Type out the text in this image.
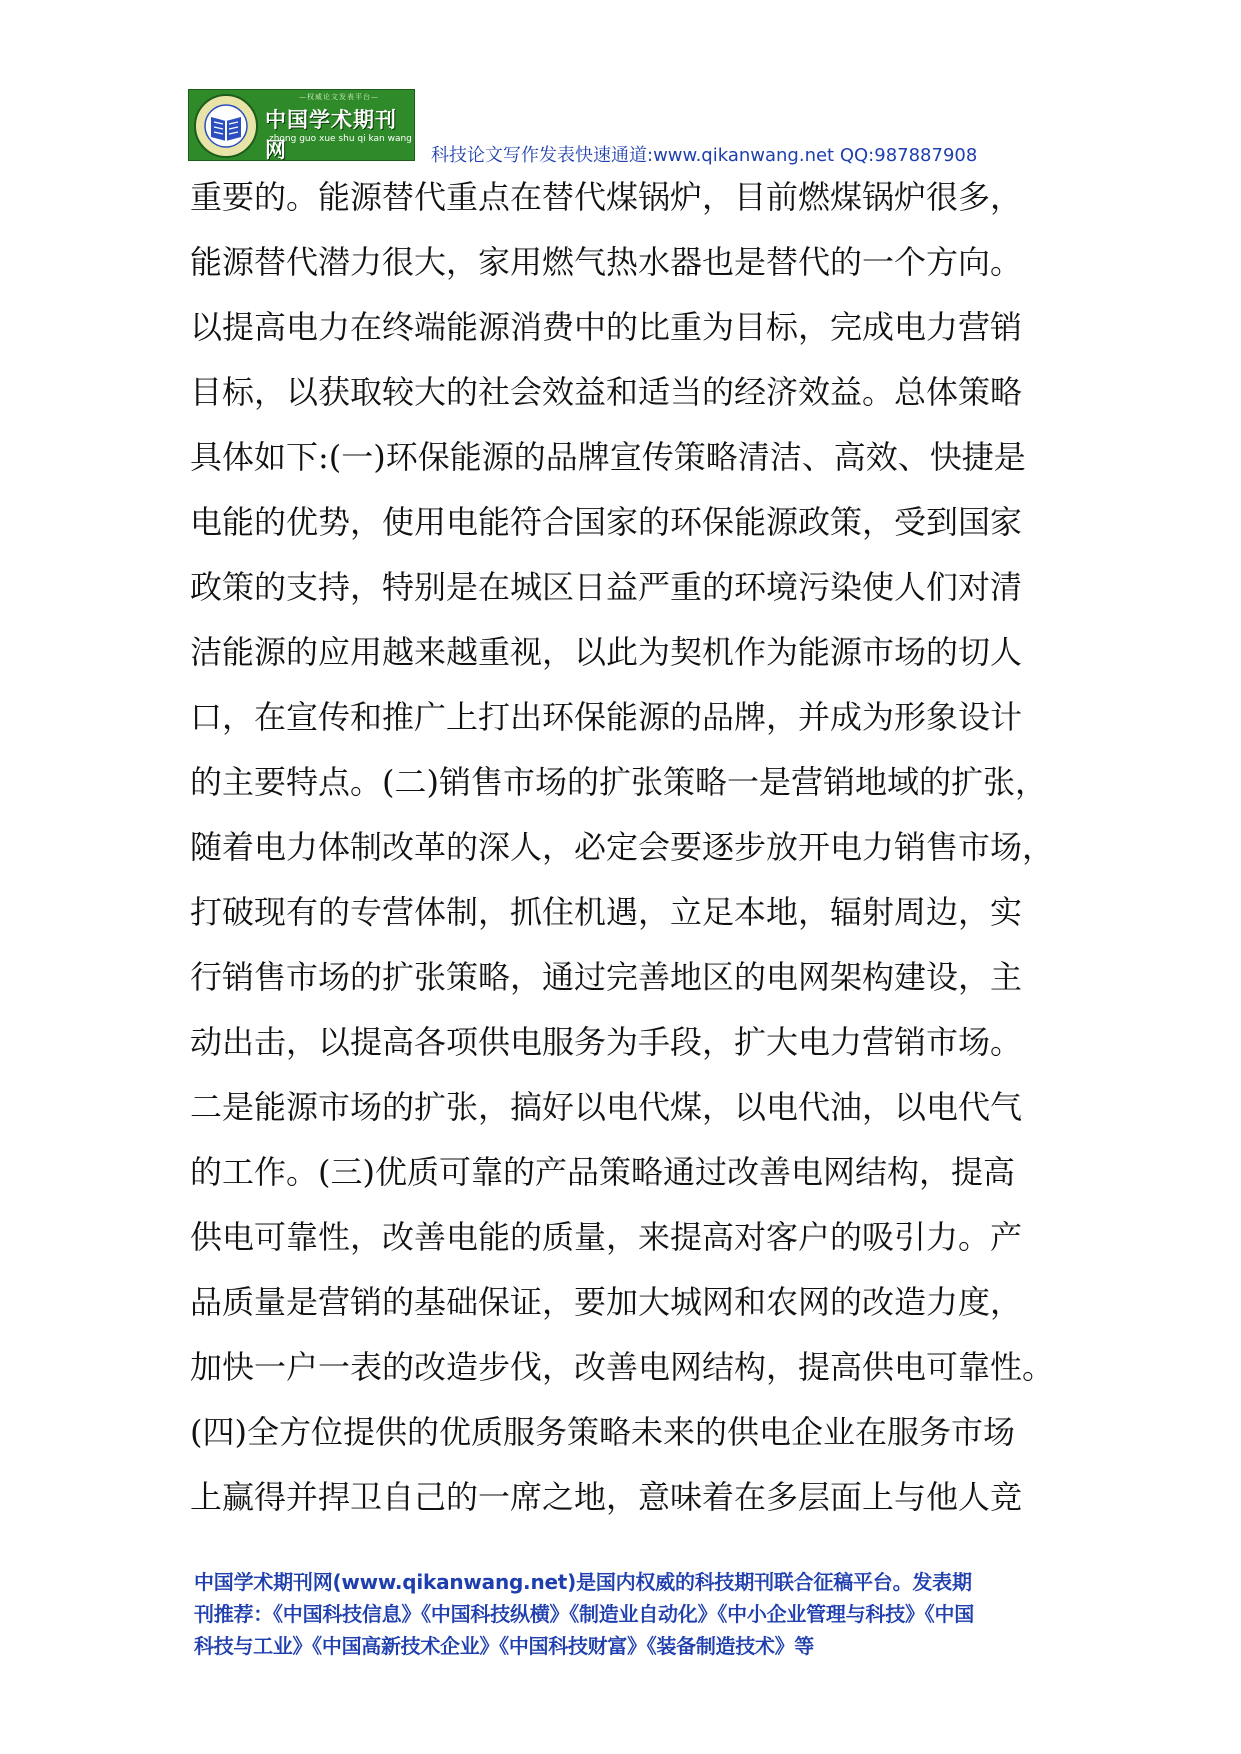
—权威论文发表平台—
中国学术期刊网
zhong guo xue shu qi kan wang
科技论文写作发表快速通道:www.qikanwang.net QQ:987887908
重要的。能源替代重点在替代煤锅炉，目前燃煤锅炉很多，
能源替代潜力很大，家用燃气热水器也是替代的一个方向。
以提高电力在终端能源消费中的比重为目标，完成电力营销
目标，以获取较大的社会效益和适当的经济效益。总体策略
具体如下:(一)环保能源的品牌宣传策略清洁、高效、快捷是
电能的优势，使用电能符合国家的环保能源政策，受到国家
政策的支持，特别是在城区日益严重的环境污染使人们对清
洁能源的应用越来越重视，以此为契机作为能源市场的切人
口，在宣传和推广上打出环保能源的品牌，并成为形象设计
的主要特点。(二)销售市场的扩张策略一是营销地域的扩张，
随着电力体制改革的深人，必定会要逐步放开电力销售市场，
打破现有的专营体制，抓住机遇，立足本地，辐射周边，实
行销售市场的扩张策略，通过完善地区的电网架构建设，主
动出击，以提高各项供电服务为手段，扩大电力营销市场。
二是能源市场的扩张，搞好以电代煤，以电代油，以电代气
的工作。(三)优质可靠的产品策略通过改善电网结构，提高
供电可靠性，改善电能的质量，来提高对客户的吸引力。产
品质量是营销的基础保证，要加大城网和农网的改造力度，
加快一户一表的改造步伐，改善电网结构，提高供电可靠性。
(四)全方位提供的优质服务策略未来的供电企业在服务市场
上赢得并捍卫自己的一席之地，意味着在多层面上与他人竞
中国学术期刊网(www.qikanwang.net)是国内权威的科技期刊联合征稿平台。发表期
刊推荐：《中国科技信息》《中国科技纵横》《制造业自动化》《中小企业管理与科技》《中国
科技与工业》《中国高新技术企业》《中国科技财富》《装备制造技术》等
